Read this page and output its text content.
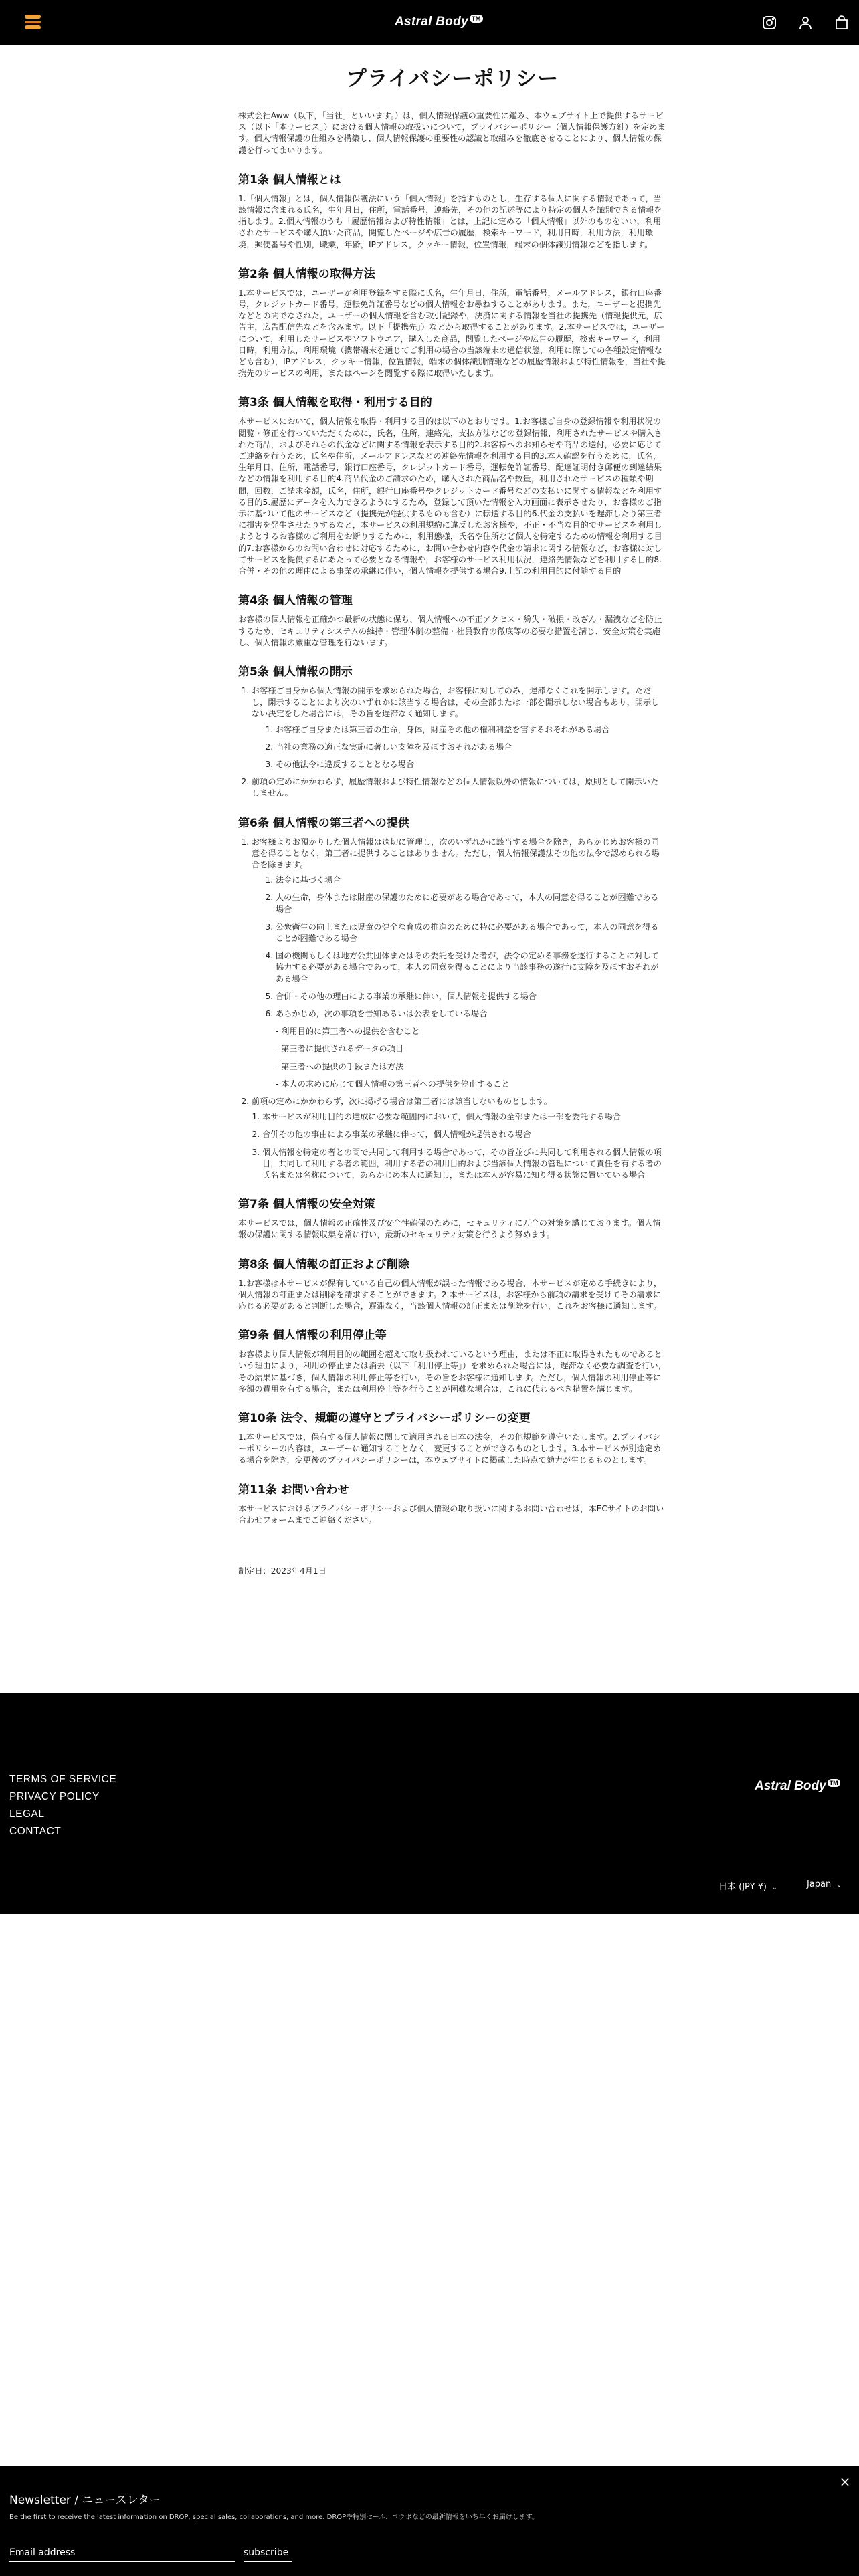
Astral Body ™
プライバシーポリシー

株式会社Aww（以下，「当社」といいます。）は，個人情報保護の重要性に鑑み、本ウェブサイト上で提供するサービス（以下「本サービス」）における個人情報の取扱いについて，プライバシーポリシー（個人情報保護方針）を定めます。個人情報保護の仕組みを構築し、個人情報保護の重要性の認識と取組みを徹底させることにより、個人情報の保護を行ってまいります。

第1条 個人情報とは

1.「個人情報」とは，個人情報保護法にいう「個人情報」を指すものとし，生存する個人に関する情報であって，当該情報に含まれる氏名，生年月日，住所，電話番号，連絡先，その他の記述等により特定の個人を識別できる情報を指します。2.個人情報のうち「履歴情報および特性情報」とは，上記に定める「個人情報」以外のものをいい，利用されたサービスや購入頂いた商品，閲覧したページや広告の履歴，検索キーワード，利用日時，利用方法，利用環境，郵便番号や性別，職業，年齢，IPアドレス，クッキー情報，位置情報，端末の個体識別情報などを指します。

第2条 個人情報の取得方法

1.本サービスでは，ユーザーが利用登録をする際に氏名，生年月日，住所，電話番号，メールアドレス，銀行口座番号，クレジットカード番号，運転免許証番号などの個人情報をお尋ねすることがあります。また，ユーザーと提携先などとの間でなされた，ユーザーの個人情報を含む取引記録や，決済に関する情報を当社の提携先（情報提供元，広告主，広告配信先などを含みます。以下「提携先」）などから取得することがあります。2.本サービスでは，ユーザーについて，利用したサービスやソフトウエア，購入した商品，閲覧したページや広告の履歴，検索キーワード，利用日時，利用方法，利用環境（携帯端末を通じてご利用の場合の当該端末の通信状態，利用に際しての各種設定情報なども含む），IPアドレス，クッキー情報，位置情報，端末の個体識別情報などの履歴情報および特性情報を，当社や提携先のサービスの利用，またはページを閲覧する際に取得いたします。

第3条 個人情報を取得・利用する目的

本サービスにおいて，個人情報を取得・利用する目的は以下のとおりです。1.お客様ご自身の登録情報や利用状況の閲覧・修正を行っていただくために，氏名，住所，連絡先，支払方法などの登録情報，利用されたサービスや購入された商品，およびそれらの代金などに関する情報を表示する目的2.お客様へのお知らせや商品の送付，必要に応じてご連絡を行うため，氏名や住所，メールアドレスなどの連絡先情報を利用する目的3.本人確認を行うために，氏名，生年月日，住所，電話番号，銀行口座番号，クレジットカード番号，運転免許証番号，配達証明付き郵便の到達結果などの情報を利用する目的4.商品代金のご請求のため，購入された商品名や数量，利用されたサービスの種類や期間，回数，ご請求金額，氏名，住所，銀行口座番号やクレジットカード番号などの支払いに関する情報などを利用する目的5.履歴にデータを入力できるようにするため，登録して頂いた情報を入力画面に表示させたり，お客様のご指示に基づいて他のサービスなど（提携先が提供するものも含む）に転送する目的6.代金の支払いを遅滞したり第三者に損害を発生させたりするなど，本サービスの利用規約に違反したお客様や，不正・不当な目的でサービスを利用しようとするお客様のご利用をお断りするために，利用態様，氏名や住所など個人を特定するための情報を利用する目的7.お客様からのお問い合わせに対応するために，お問い合わせ内容や代金の請求に関する情報など，お客様に対してサービスを提供するにあたって必要となる情報や，お客様のサービス利用状況，連絡先情報などを利用する目的8. 合併・その他の理由による事業の承継に伴い，個人情報を提供する場合9.上記の利用目的に付随する目的

第4条 個人情報の管理

お客様の個人情報を正確かつ最新の状態に保ち、個人情報への不正アクセス・紛失・破損・改ざん・漏洩などを防止するため、セキュリティシステムの維持・管理体制の整備・社員教育の徹底等の必要な措置を講じ、安全対策を実施し、個人情報の厳重な管理を行ないます。

第5条 個人情報の開示
1. お客様ご自身から個人情報の開示を求められた場合，お客様に対してのみ，遅滞なくこれを開示します。ただし，開示することにより次のいずれかに該当する場合は，その全部または一部を開示しない場合もあり，開示しない決定をした場合には，その旨を遅滞なく通知します。
1. お客様ご自身または第三者の生命，身体，財産その他の権利利益を害するおそれがある場合
2. 当社の業務の適正な実施に著しい支障を及ぼすおそれがある場合
3. その他法令に違反することとなる場合
2. 前項の定めにかかわらず，履歴情報および特性情報などの個人情報以外の情報については，原則として開示いたしません。
第6条 個人情報の第三者への提供
1. お客様よりお預かりした個人情報は適切に管理し，次のいずれかに該当する場合を除き，あらかじめお客様の同意を得ることなく，第三者に提供することはありません。ただし，個人情報保護法その他の法令で認められる場合を除きます。
1. 法令に基づく場合
2. 人の生命，身体または財産の保護のために必要がある場合であって，本人の同意を得ることが困難である場合
3. 公衆衛生の向上または児童の健全な育成の推進のために特に必要がある場合であって，本人の同意を得ることが困難である場合
4. 国の機関もしくは地方公共団体またはその委託を受けた者が，法令の定める事務を遂行することに対して協力する必要がある場合であって，本人の同意を得ることにより当該事務の遂行に支障を及ぼすおそれがある場合
5. 合併・その他の理由による事業の承継に伴い，個人情報を提供する場合
6. あらかじめ，次の事項を告知あるいは公表をしている場合
- 利用目的に第三者への提供を含むこと
- 第三者に提供されるデータの項目
- 第三者への提供の手段または方法
- 本人の求めに応じて個人情報の第三者への提供を停止すること
2. 前項の定めにかかわらず，次に掲げる場合は第三者には該当しないものとします。
1. 本サービスが利用目的の達成に必要な範囲内において，個人情報の全部または一部を委託する場合
2. 合併その他の事由による事業の承継に伴って，個人情報が提供される場合
3. 個人情報を特定の者との間で共同して利用する場合であって，その旨並びに共同して利用される個人情報の項目，共同して利用する者の範囲，利用する者の利用目的および当該個人情報の管理について責任を有する者の氏名または名称について，あらかじめ本人に通知し，または本人が容易に知り得る状態に置いている場合
第7条 個人情報の安全対策

本サービスでは，個人情報の正確性及び安全性確保のために，セキュリティに万全の対策を講じております。個人情報の保護に関する情報収集を常に行い，最新のセキュリティ対策を行うよう努めます。

第8条 個人情報の訂正および削除

1.お客様は本サービスが保有している自己の個人情報が誤った情報である場合，本サービスが定める手続きにより，個人情報の訂正または削除を請求することができます。2.本サービスは，お客様から前項の請求を受けてその請求に応じる必要があると判断した場合，遅滞なく，当該個人情報の訂正または削除を行い，これをお客様に通知します。

第9条 個人情報の利用停止等

お客様より個人情報が利用目的の範囲を超えて取り扱われているという理由，または不正に取得されたものであるという理由により，利用の停止または消去（以下「利用停止等」）を求められた場合には，遅滞なく必要な調査を行い，その結果に基づき，個人情報の利用停止等を行い，その旨をお客様に通知します。ただし，個人情報の利用停止等に多額の費用を有する場合，または利用停止等を行うことが困難な場合は，これに代わるべき措置を講じます。

第10条 法令、規範の遵守とプライバシーポリシーの変更

1.本サービスでは，保有する個人情報に関して適用される日本の法令，その他規範を遵守いたします。2.プライバシーポリシーの内容は，ユーザーに通知することなく，変更することができるものとします。3.本サービスが別途定める場合を除き，変更後のプライバシーポリシーは，本ウェブサイトに掲載した時点で効力が生じるものとします。

第11条 お問い合わせ

本サービスにおけるプライバシーポリシーおよび個人情報の取り扱いに関するお問い合わせは，本ECサイトのお問い合わせフォームまでご連絡ください。

制定日：2023年4月1日

TERMS OF SERVICE
PRIVACY POLICY
LEGAL
CONTACT
Astral Body ™
日本 (JPY ¥) ⌄	Japan ⌄
×
Newsletter / ニュースレター
Be the first to receive the latest information on DROP, special sales, collaborations, and more. DROPや特別セール、コラボなどの最新情報をいち早くお届けします。
Email address
subscribe
